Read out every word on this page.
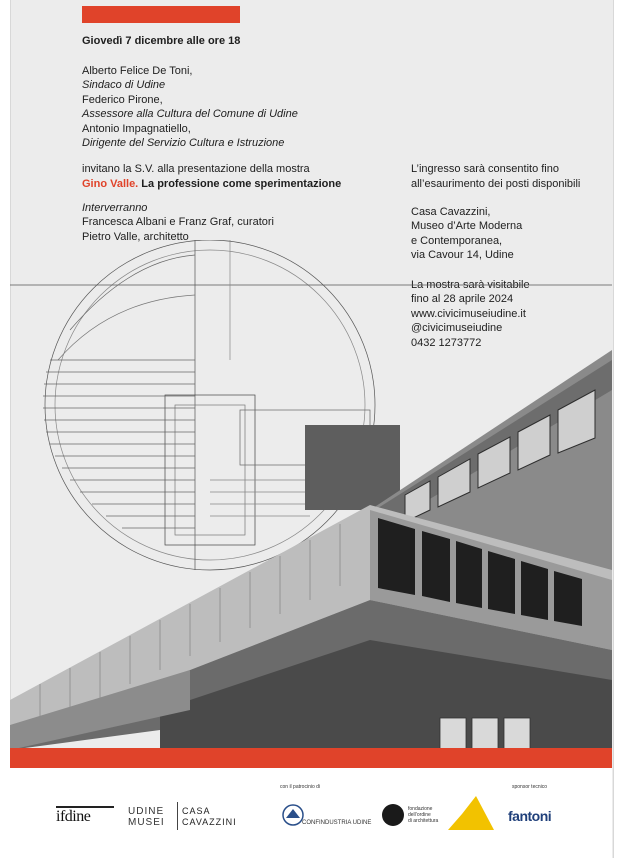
Giovedì 7 dicembre alle ore 18
Alberto Felice De Toni,
Sindaco di Udine
Federico Pirone,
Assessore alla Cultura del Comune di Udine
Antonio Impagnatiello,
Dirigente del Servizio Cultura e Istruzione
invitano la S.V. alla presentazione della mostra
Gino Valle. La professione come sperimentazione
Interverranno
Francesca Albani e Franz Graf, curatori
Pietro Valle, architetto
L’ingresso sarà consentito fino
all’esaurimento dei posti disponibili
Casa Cavazzini,
Museo d’Arte Moderna
e Contemporanea,
via Cavour 14, Udine
La mostra sarà visitabile
fino al 28 aprile 2024
www.civicimuseiudine.it
@civicimuseiudine
0432 1273772
ifdine	UDINE
MUSEI
CASA
CAVAZZINI
con il patrocinio di
CONFINDUSTRIA UDINE
fondazione
dell’ordine
di architettura
sponsor tecnico
fantoni
